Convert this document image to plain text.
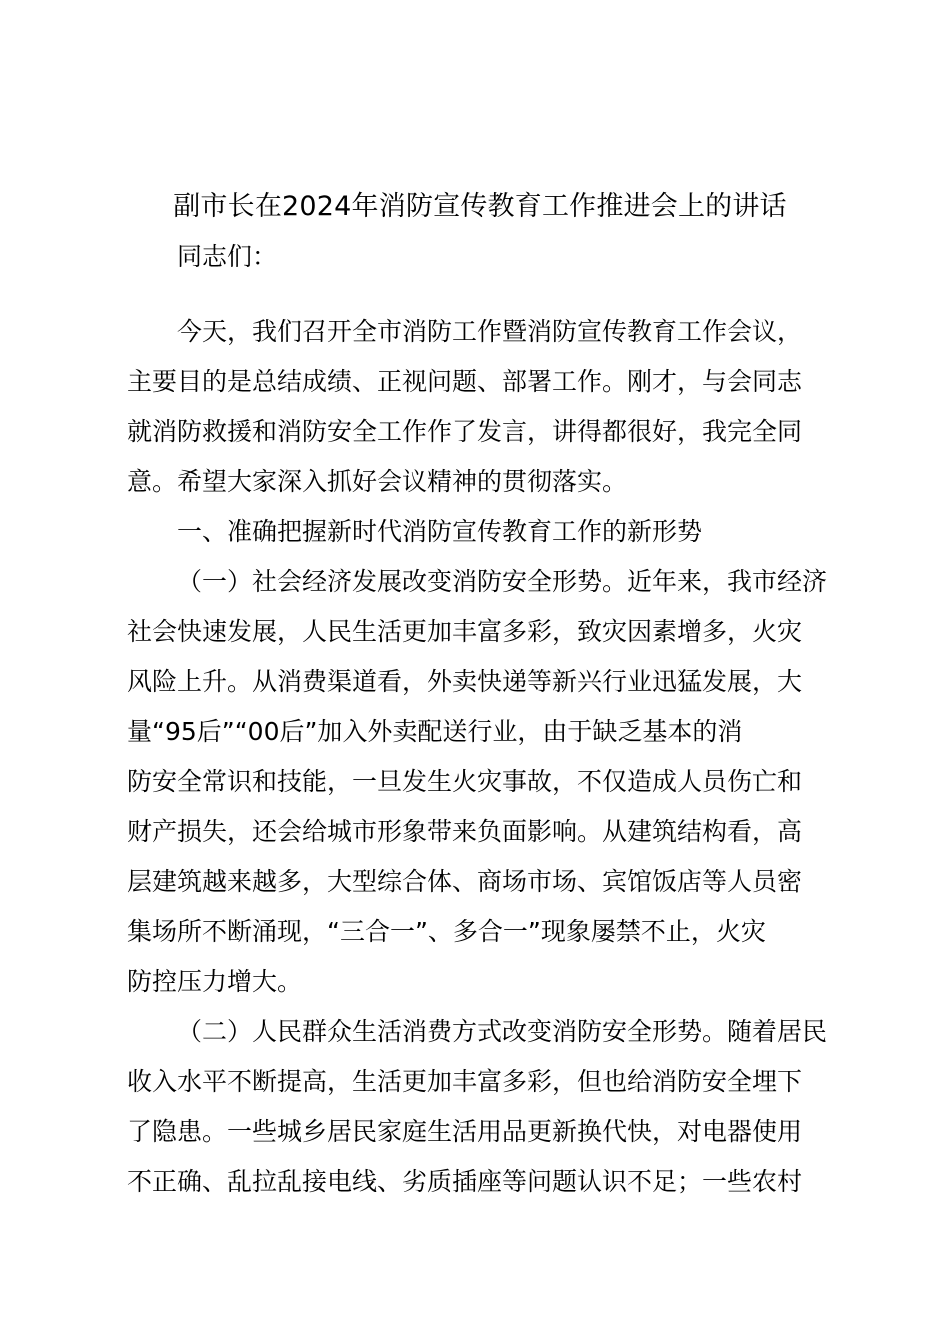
副市长在2024年消防宣传教育工作推进会上的讲话
同志们：
今天，我们召开全市消防工作暨消防宣传教育工作会议，
主要目的是总结成绩、正视问题、部署工作。刚才，与会同志
就消防救援和消防安全工作作了发言，讲得都很好，我完全同
意。希望大家深入抓好会议精神的贯彻落实。
一、准确把握新时代消防宣传教育工作的新形势
（一）社会经济发展改变消防安全形势。近年来，我市经济
社会快速发展，人民生活更加丰富多彩，致灾因素增多，火灾
风险上升。从消费渠道看，外卖快递等新兴行业迅猛发展，大
量“95后”“00后”加入外卖配送行业，由于缺乏基本的消
防安全常识和技能，一旦发生火灾事故，不仅造成人员伤亡和
财产损失，还会给城市形象带来负面影响。从建筑结构看，高
层建筑越来越多，大型综合体、商场市场、宾馆饭店等人员密
集场所不断涌现，“三合一”、多合一”现象屡禁不止，火灾
防控压力增大。
（二）人民群众生活消费方式改变消防安全形势。随着居民
收入水平不断提高，生活更加丰富多彩，但也给消防安全埋下
了隐患。一些城乡居民家庭生活用品更新换代快，对电器使用
不正确、乱拉乱接电线、劣质插座等问题认识不足；一些农村
